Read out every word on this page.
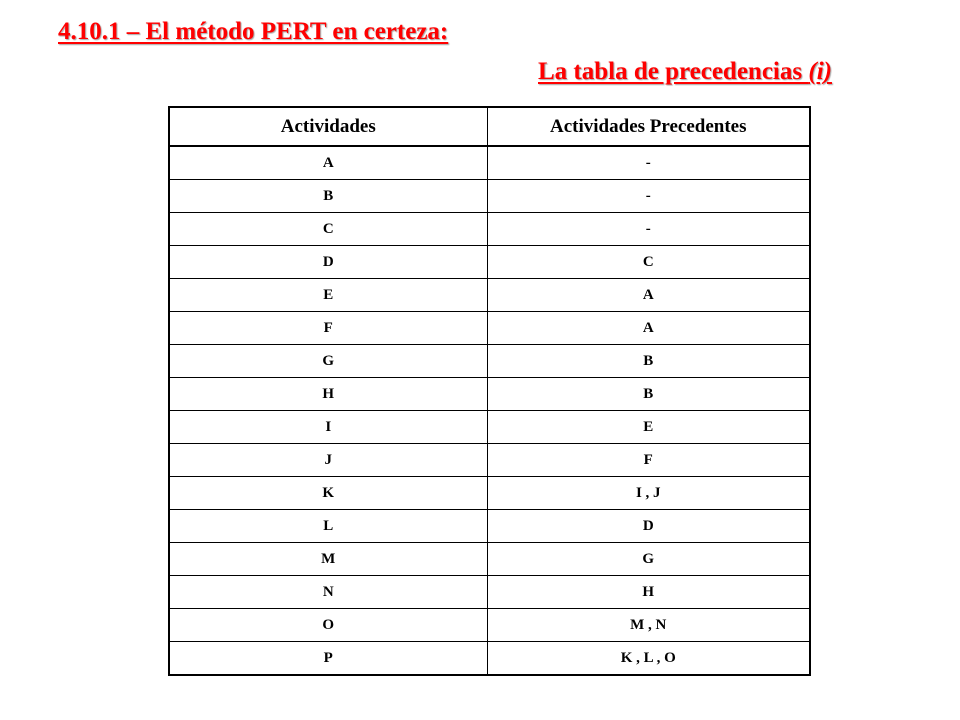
4.10.1 – El método PERT en certeza:
La tabla de precedencias (i)
Actividades	Actividades Precedentes
A	-
B	-
C	-
D	C
E	A
F	A
G	B
H	B
I	E
J	F
K	I , J
L	D
M	G
N	H
O	M , N
P	K , L , O
